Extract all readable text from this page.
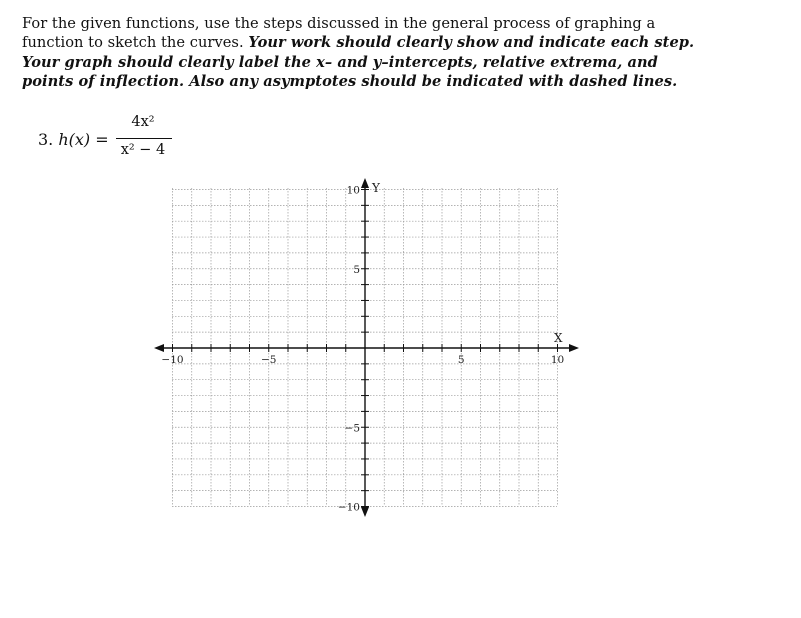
For the given functions, use the steps discussed in the general process of graphing a function to sketch the curves. Your work should clearly show and indicate each step. Your graph should clearly label the x– and y–intercepts, relative extrema, and points of inflection. Also any asymptotes should be indicated with dashed lines.
3. h(x) =
4x²
x² − 4
−10	−5	5	10
10
5
−5
−10
X
Y
